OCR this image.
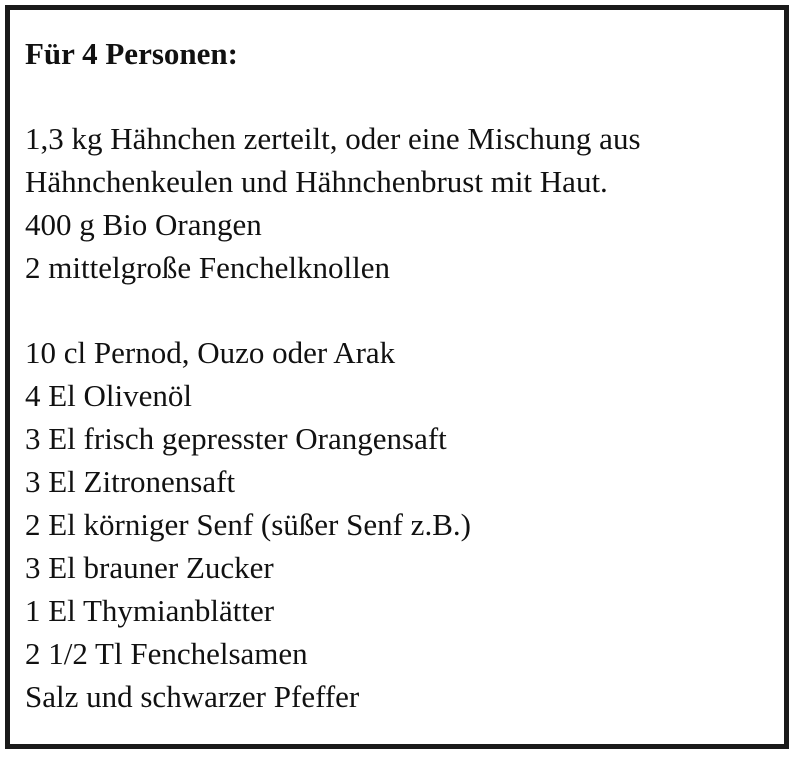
Für 4 Personen:
1,3 kg Hähnchen zerteilt, oder eine Mischung aus
Hähnchenkeulen und Hähnchenbrust mit Haut.
400 g Bio Orangen
2 mittelgroße Fenchelknollen
10 cl Pernod, Ouzo oder Arak
4 El Olivenöl
3 El frisch gepresster Orangensaft
3 El Zitronensaft
2 El körniger Senf (süßer Senf z.B.)
3 El brauner Zucker
1 El Thymianblätter
2 1/2 Tl Fenchelsamen
Salz und schwarzer Pfeffer
